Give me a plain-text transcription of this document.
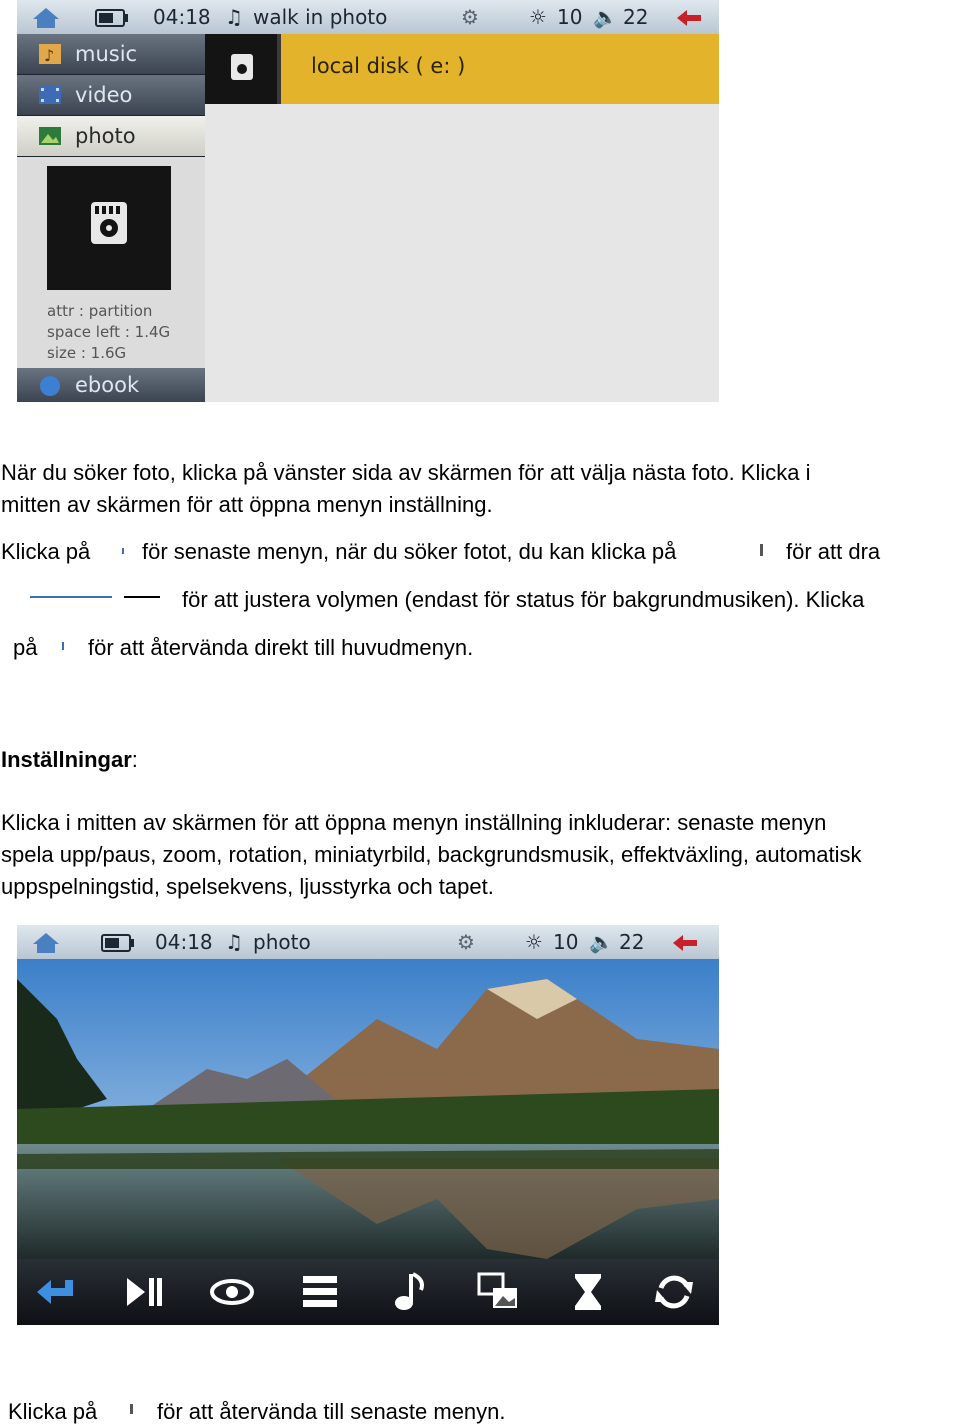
04:18 ♫ walk in photo	⚙	☼ 10 🔈 22
♪ music
video
photo
attr : partition
space left : 1.4G
size : 1.6G
ebook
local disk ( e: )
När du söker foto, klicka på vänster sida av skärmen för att välja nästa foto. Klicka i
mitten av skärmen för att öppna menyn inställning.
Klicka på för senaste menyn, när du söker fotot, du kan klicka på	för att dra
för att justera volymen (endast för status för bakgrundmusiken). Klicka
på för att återvända direkt till huvudmenyn.
Inställningar:
Klicka i mitten av skärmen för att öppna menyn inställning inkluderar: senaste menyn
spela upp/paus, zoom, rotation, miniatyrbild, backgrundsmusik, effektväxling, automatisk
uppspelningstid, spelsekvens, ljusstyrka och tapet.
04:18 ♫ photo	⚙	☼ 10 🔈 22
Klicka på	för att återvända till senaste menyn.
